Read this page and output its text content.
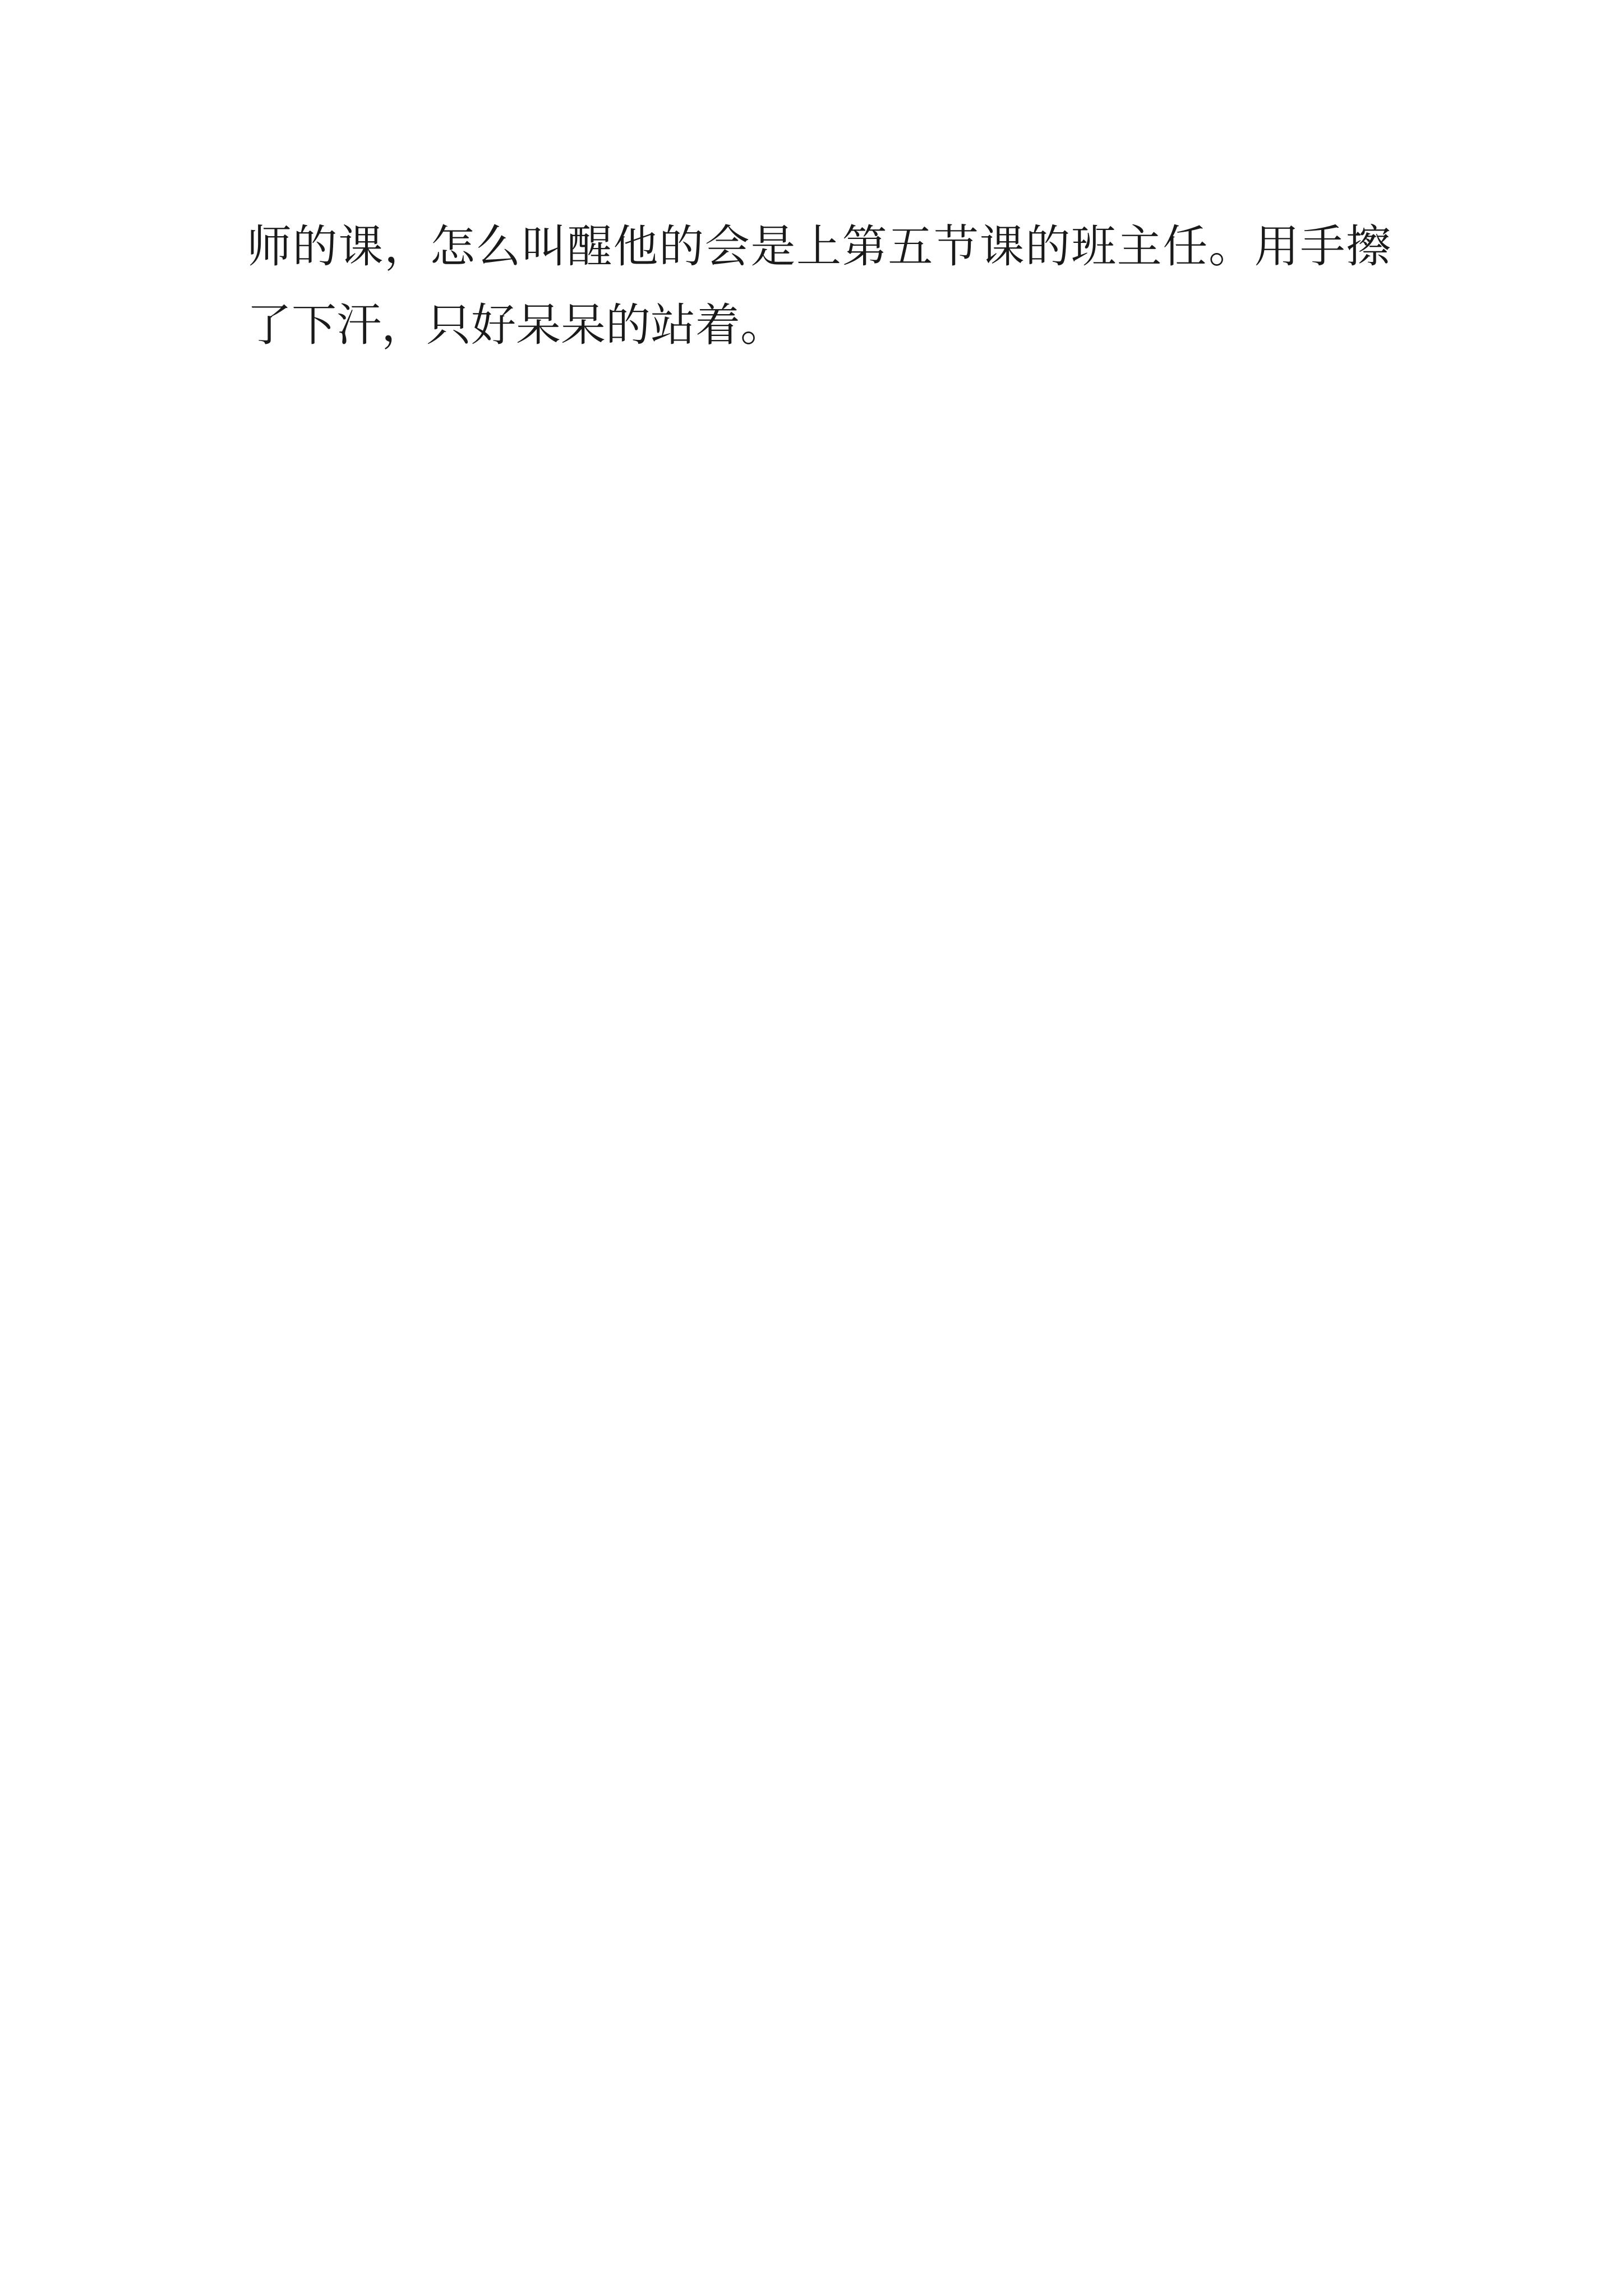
师的课，怎么叫醒他的会是上第五节课的班主任。用手擦了下汗，只好呆呆的站着。
